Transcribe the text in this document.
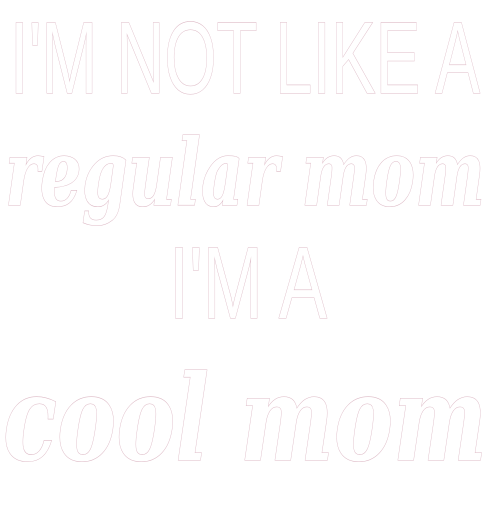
I'M NOT LIKE A
regular mom
I'M A
cool mom
